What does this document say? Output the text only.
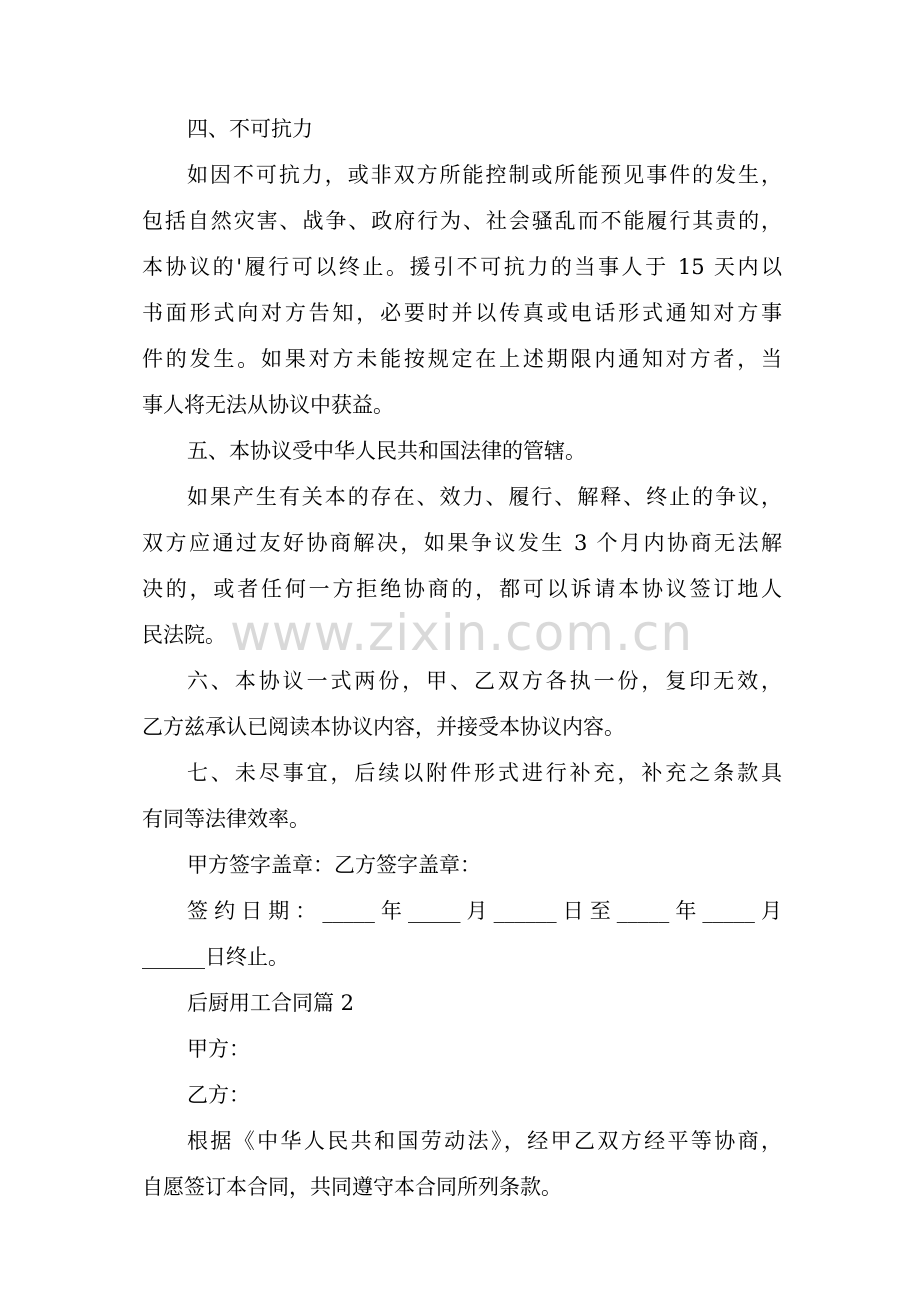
四、不可抗力
如因不可抗力，或非双方所能控制或所能预见事件的发生，
包括自然灾害、战争、政府行为、社会骚乱而不能履行其责的，
本协议的'履行可以终止。援引不可抗力的当事人于 15 天内以
书面形式向对方告知，必要时并以传真或电话形式通知对方事
件的发生。如果对方未能按规定在上述期限内通知对方者，当
事人将无法从协议中获益。
五、本协议受中华人民共和国法律的管辖。
如果产生有关本的存在、效力、履行、解释、终止的争议，
双方应通过友好协商解决，如果争议发生 3 个月内协商无法解
决的，或者任何一方拒绝协商的，都可以诉请本协议签订地人
民法院。
六、本协议一式两份，甲、乙双方各执一份，复印无效，
乙方兹承认已阅读本协议内容，并接受本协议内容。
七、未尽事宜，后续以附件形式进行补充，补充之条款具
有同等法律效率。
甲方签字盖章：乙方签字盖章：
签约日期：_____年_____月______日至_____年_____月
______日终止。
后厨用工合同篇 2
甲方：
乙方：
根据《中华人民共和国劳动法》，经甲乙双方经平等协商，
自愿签订本合同，共同遵守本合同所列条款。
www.zixin.com.cn
